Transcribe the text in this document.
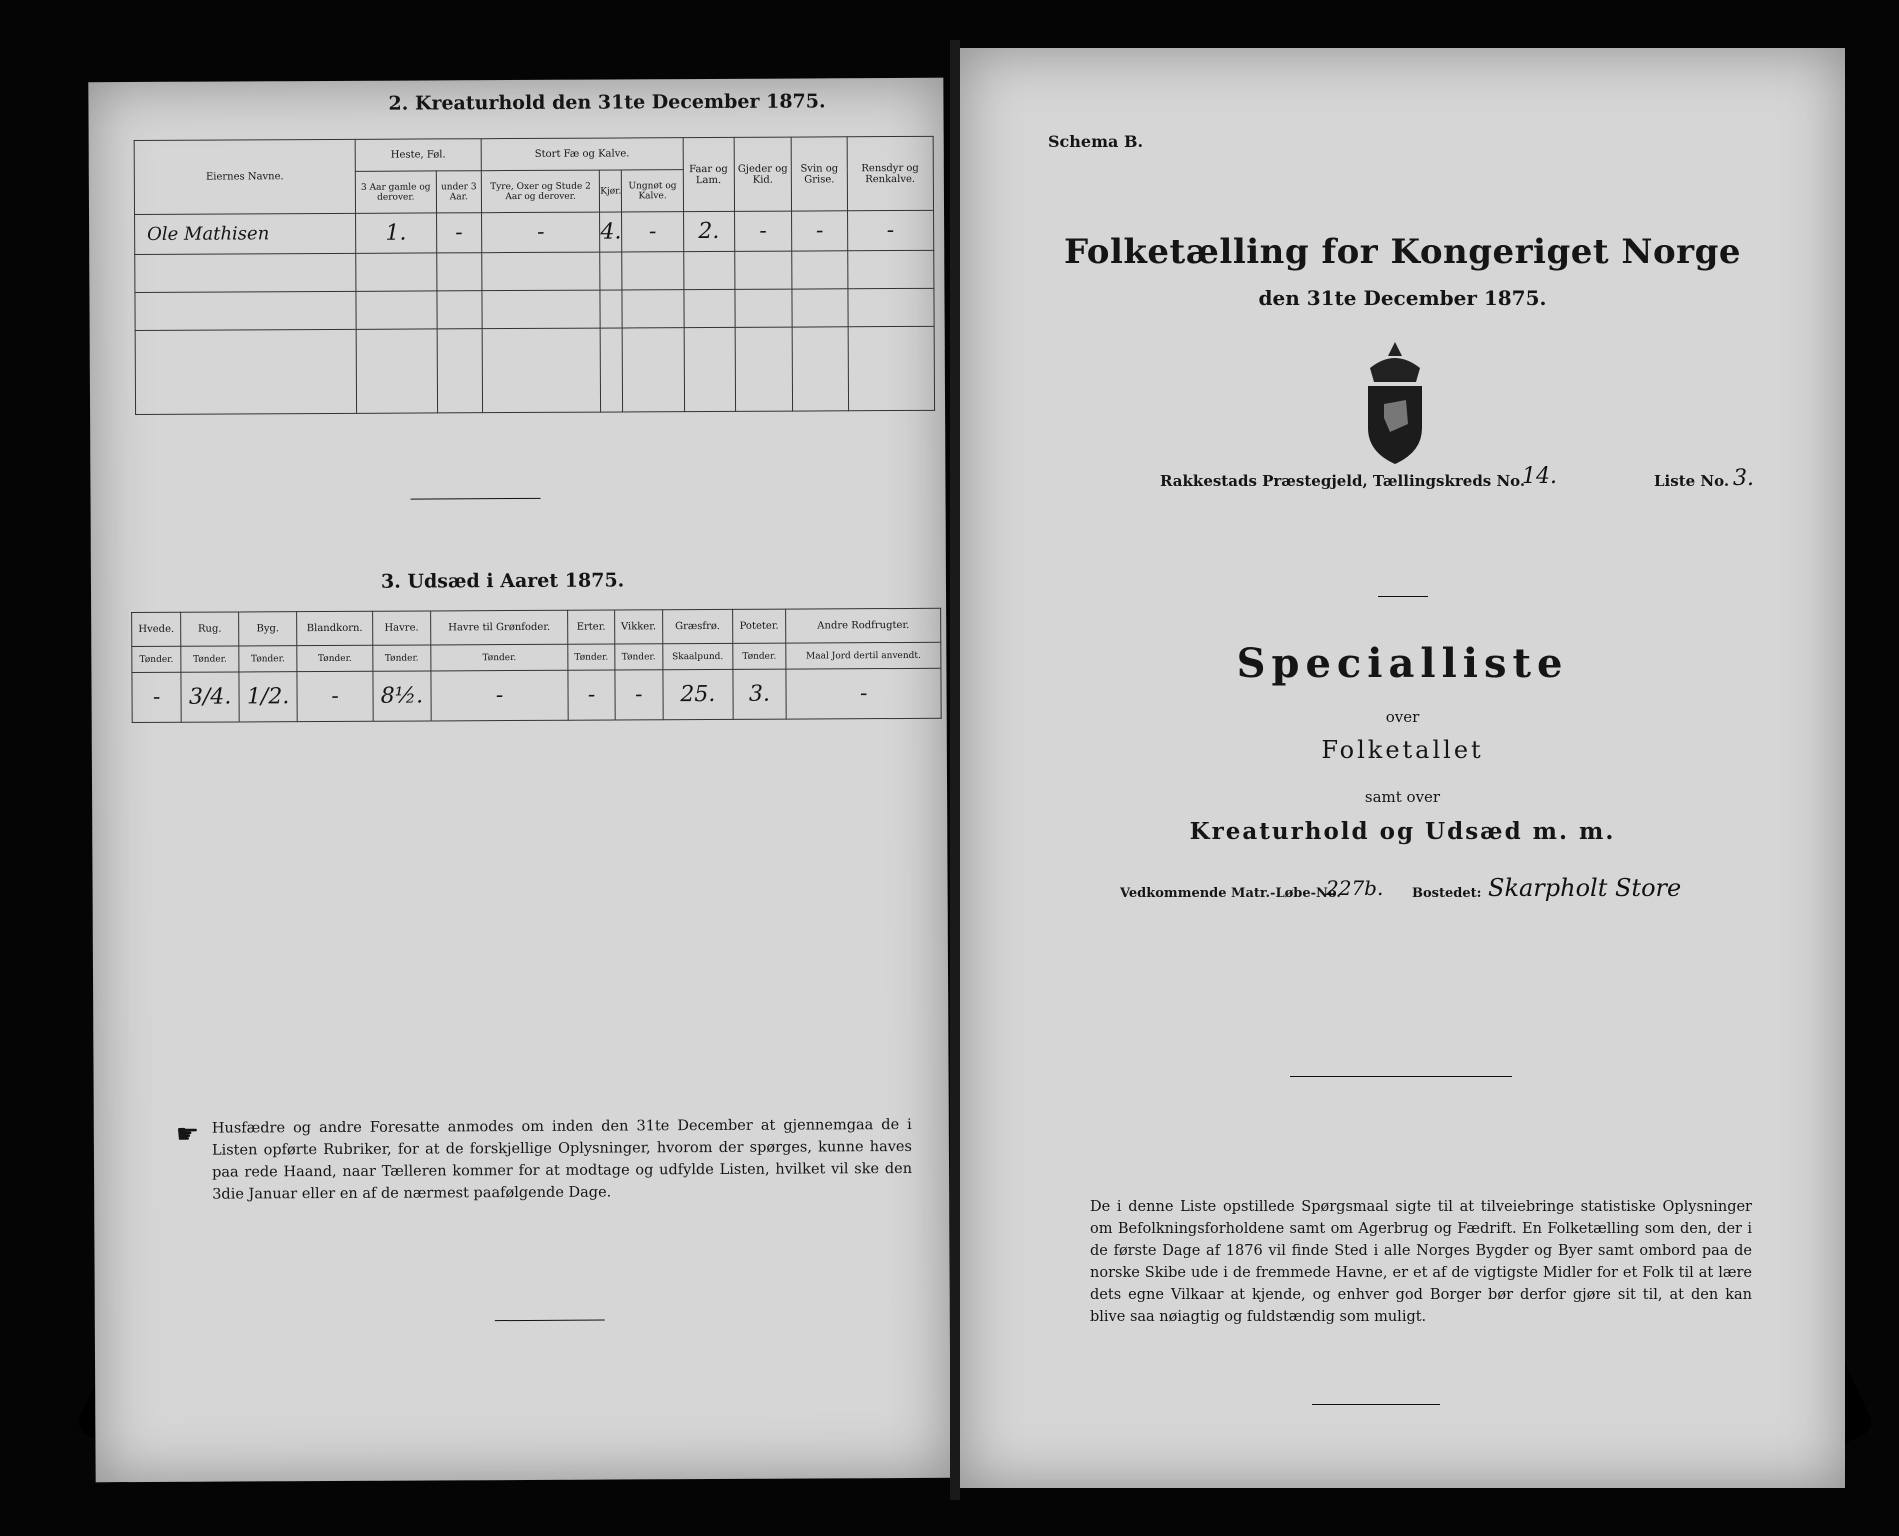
2. Kreaturhold den 31te December 1875.
Eiernes Navne.	Heste, Føl.		Stort Fæ og Kalve.			Faar og Lam.	Gjeder og Kid.	Svin og Grise.	Rensdyr og Renkalve.
	3 Aar gamle og derover.	under 3 Aar.	Tyre, Oxer og Stude 2 Aar og derover.	Kjør.	Ungnøt og Kalve.				
Ole Mathisen	1.	-	-	4.	-	2.	-	-	-

3. Udsæd i Aaret 1875.
Hvede.	Rug.	Byg.	Blandkorn.	Havre.	Havre til Grønfoder.	Erter.	Vikker.	Græsfrø.	Poteter.	Andre Rodfrugter.
Tønder.	Tønder.	Tønder.	Tønder.	Tønder.	Tønder.	Tønder.	Tønder.	Skaalpund.	Tønder.	Maal Jord dertil anvendt.
-	3/4.	1/2.	-	8½.	-	-	-	25.	3.	-
☛ Husfædre og andre Foresatte anmodes om inden den 31te December at gjennemgaa de i Listen opførte Rubriker, for at de forskjellige Oplysninger, hvorom der spørges, kunne haves paa rede Haand, naar Tælleren kommer for at modtage og udfylde Listen, hvilket vil ske den 3die Januar eller en af de nærmest paafølgende Dage.
Schema B.
Folketælling for Kongeriget Norge
den 31te December 1875.
Rakkestads Præstegjeld, Tællingskreds No.
14.	Liste No. 3.
Specialliste
over
Folketallet
samt over
Kreaturhold og Udsæd m. m.
Vedkommende Matr.-Løbe-No.
227b. Bostedet: Skarpholt Store
De i denne Liste opstillede Spørgsmaal sigte til at tilveiebringe statistiske Oplysninger om Befolkningsforholdene samt om Agerbrug og Fædrift. En Folketælling som den, der i de første Dage af 1876 vil finde Sted i alle Norges Bygder og Byer samt ombord paa de norske Skibe ude i de fremmede Havne, er et af de vigtigste Midler for et Folk til at lære dets egne Vilkaar at kjende, og enhver god Borger bør derfor gjøre sit til, at den kan blive saa nøiagtig og fuldstændig som muligt.
